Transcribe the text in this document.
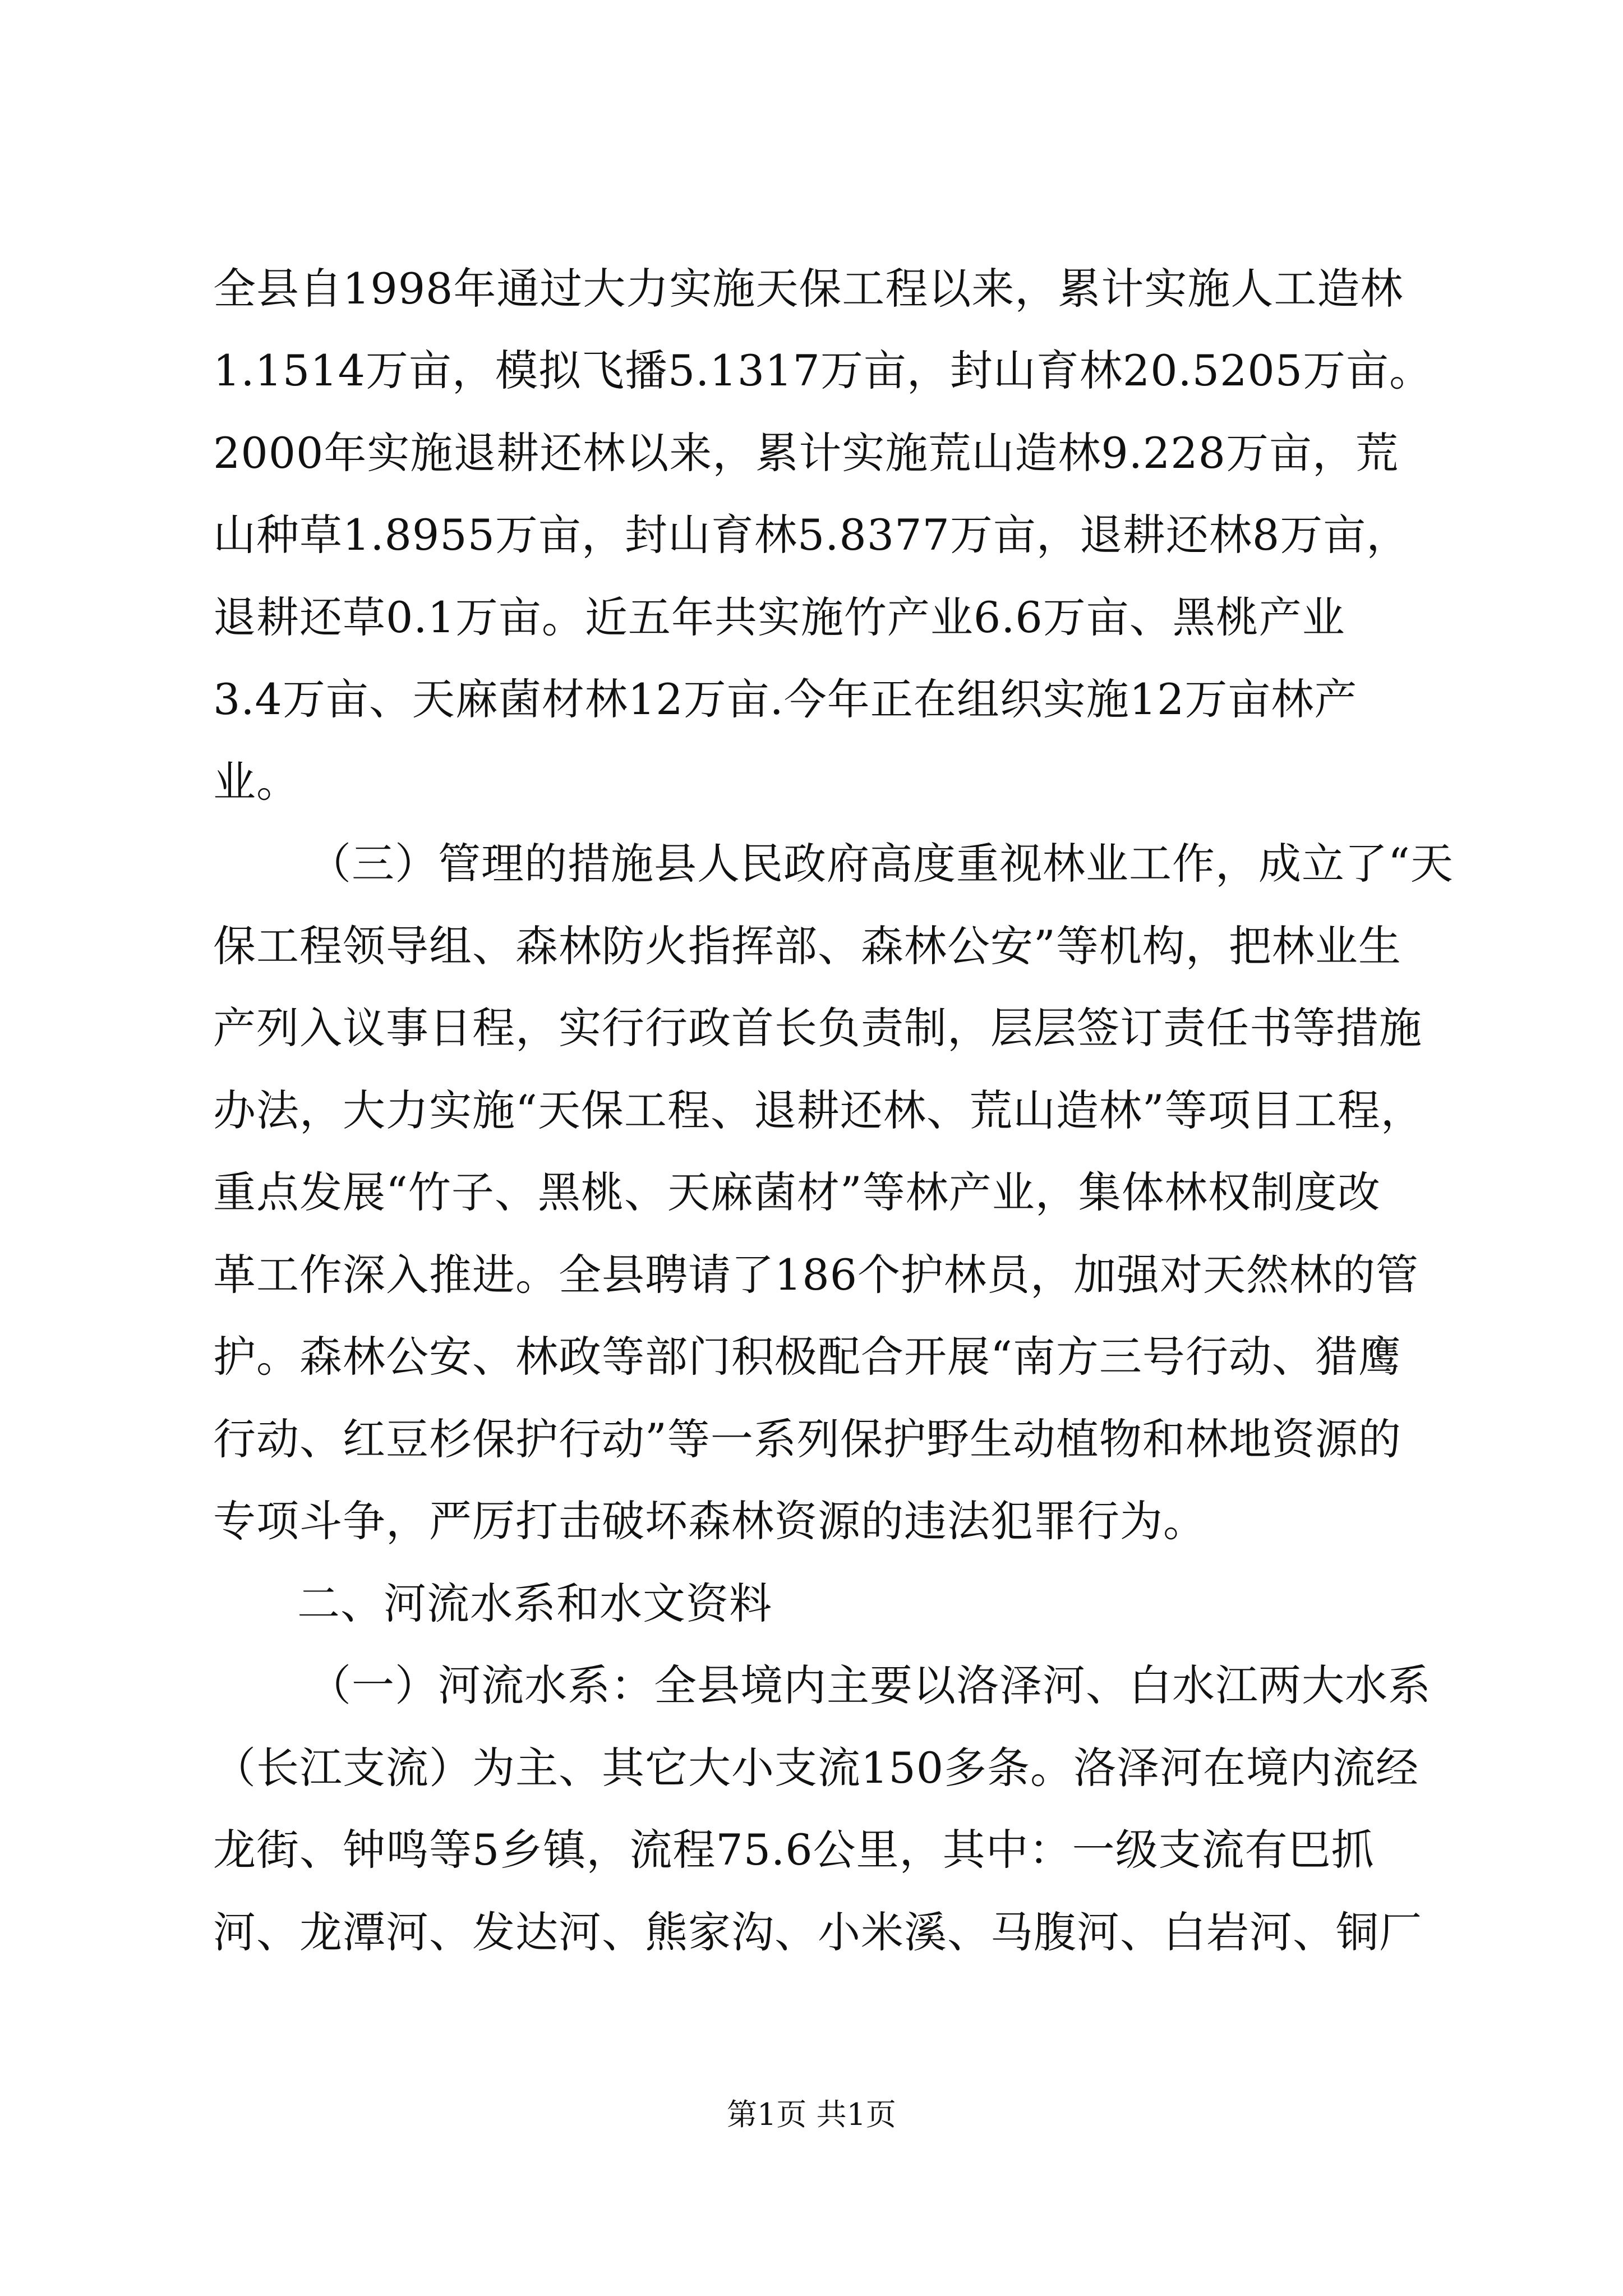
全县自1998年通过大力实施天保工程以来，累计实施人工造林
1.1514万亩，模拟飞播5.1317万亩，封山育林20.5205万亩。
2000年实施退耕还林以来，累计实施荒山造林9.228万亩，荒
山种草1.8955万亩，封山育林5.8377万亩，退耕还林8万亩，
退耕还草0.1万亩。近五年共实施竹产业6.6万亩、黑桃产业
3.4万亩、天麻菌材林12万亩.今年正在组织实施12万亩林产
业。
（三）管理的措施县人民政府高度重视林业工作，成立了“天
保工程领导组、森林防火指挥部、森林公安”等机构，把林业生
产列入议事日程，实行行政首长负责制，层层签订责任书等措施
办法，大力实施“天保工程、退耕还林、荒山造林”等项目工程，
重点发展“竹子、黑桃、天麻菌材”等林产业，集体林权制度改
革工作深入推进。全县聘请了186个护林员，加强对天然林的管
护。森林公安、林政等部门积极配合开展“南方三号行动、猎鹰
行动、红豆杉保护行动”等一系列保护野生动植物和林地资源的
专项斗争，严厉打击破坏森林资源的违法犯罪行为。
二、河流水系和水文资料
（一）河流水系：全县境内主要以洛泽河、白水江两大水系
（长江支流）为主、其它大小支流150多条。洛泽河在境内流经
龙街、钟鸣等5乡镇，流程75.6公里，其中：一级支流有巴抓
河、龙潭河、发达河、熊家沟、小米溪、马腹河、白岩河、铜厂
第1页 共1页
